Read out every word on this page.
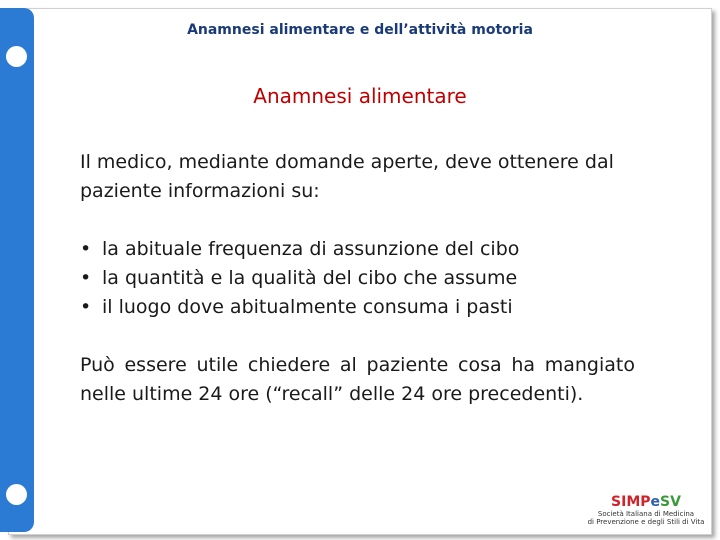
Anamnesi alimentare e dell’attività motoria
Anamnesi alimentare

Il medico, mediante domande aperte, deve ottenere dal paziente informazioni su:

• la abituale frequenza di assunzione del cibo
• la quantità e la qualità del cibo che assume
• il luogo dove abitualmente consuma i pasti

Può essere utile chiedere al paziente cosa ha mangiato nelle ultime 24 ore (“recall” delle 24 ore precedenti).

SIMPeSV
Società Italiana di Medicina
di Prevenzione e degli Stili di Vita
